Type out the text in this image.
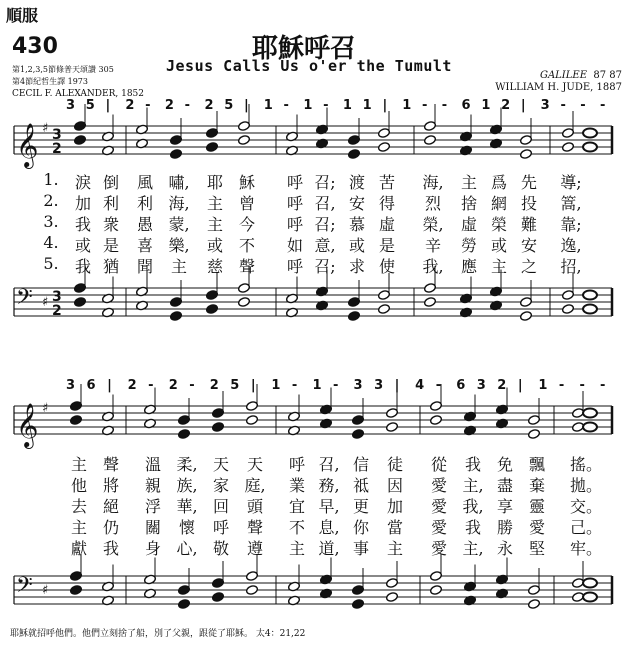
順服
430	耶穌呼召
Jesus Calls Us o'er the Tumult
第1,2,3,5節條普天頌讚 305
第4節紀哲生譯 1973
CECIL F. ALEXANDER, 1852
GALILEE 87 87
WILLIAM H. JUDE, 1887
3 5 | 2 - 2 - 2 5 | 1 - 1 - 1 1 | 1 - - 6 1 2 | 3 - - -
𝄞 ♯ 3
2
1. 淚 倒 風 嘯, 耶 穌 呼 召; 渡 苦 海, 主 爲 先 導;
2. 加 利 利 海, 主 曾 呼 召, 安 得 烈 捨 網 投 篙,
3. 我 衆 愚 蒙, 主 今 呼 召; 慕 虛 榮, 虛 榮 難 靠;
4. 或 是 喜 樂, 或 不 如 意, 或 是 辛 勞 或 安 逸,
5. 我 猶 聞 主 慈 聲 呼 召; 求 使 我, 應 主 之 招,
𝄢 ♯ 3
2
3 6 | 2 - 2 - 2 5 | 1 - 1 - 3 3 | 4 - 6 3 2 | 1 - - -
𝄞 ♯
主 聲 溫 柔, 天 天 呼 召, 信 徒 從 我 免 飄 搖。
他 將 親 族, 家 庭, 業 務, 祗 因 愛 主, 盡 棄 拋。
去 絕 浮 華, 回 頭 宜 早, 更 加 愛 我, 享 靈 交。
主 仍 關 懷 呼 聲 不 息, 你 當 愛 我 勝 愛 己。
獻 我 身 心, 敬 遵 主 道, 事 主 愛 主, 永 堅 牢。
𝄢 ♯
耶穌就招呼他們。他們立刻捨了船，別了父親，跟從了耶穌。 太4：21,22
